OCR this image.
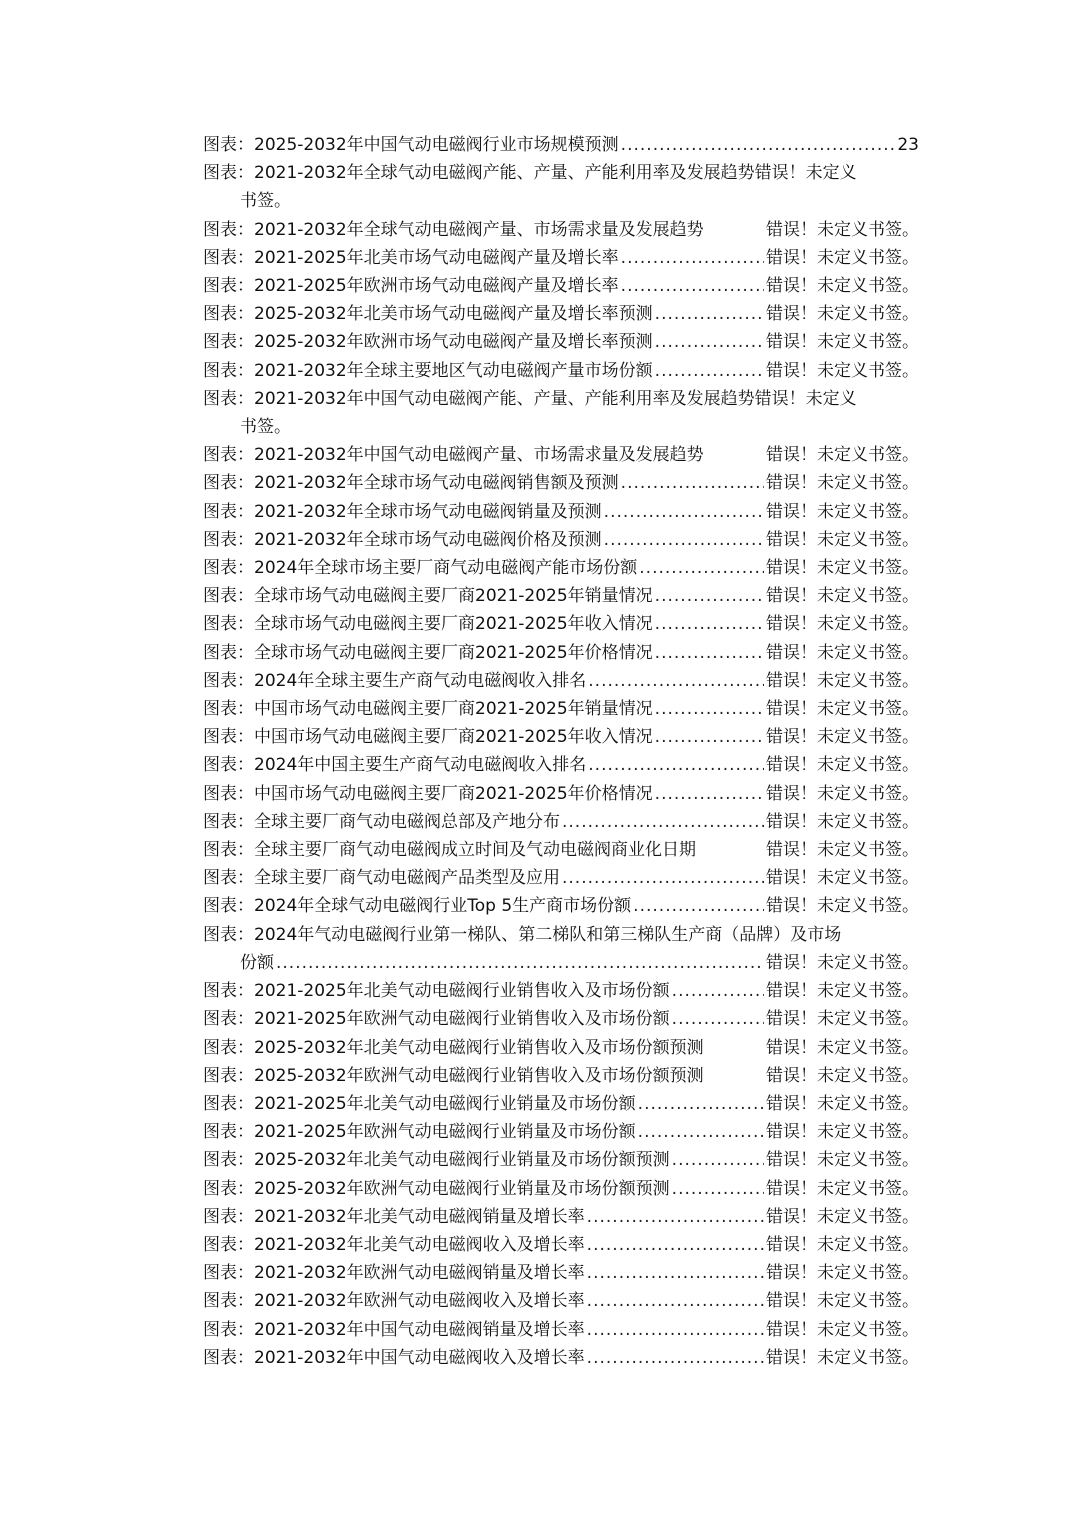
图表：2025-2032年中国气动电磁阀行业市场规模预测 .....	23
图表：2021-2032年全球气动电磁阀产能、产量、产能利用率及发展趋势错误！未定义
书签。
图表：2021-2032年全球气动电磁阀产量、市场需求量及发展趋势	错误！未定义书签。
图表：2021-2025年北美市场气动电磁阀产量及增长率 .....	错误！未定义书签。
图表：2021-2025年欧洲市场气动电磁阀产量及增长率 .....	错误！未定义书签。
图表：2025-2032年北美市场气动电磁阀产量及增长率预测 .....	错误！未定义书签。
图表：2025-2032年欧洲市场气动电磁阀产量及增长率预测 .....	错误！未定义书签。
图表：2021-2032年全球主要地区气动电磁阀产量市场份额 .....	错误！未定义书签。
图表：2021-2032年中国气动电磁阀产能、产量、产能利用率及发展趋势错误！未定义
书签。
图表：2021-2032年中国气动电磁阀产量、市场需求量及发展趋势	错误！未定义书签。
图表：2021-2032年全球市场气动电磁阀销售额及预测 .....	错误！未定义书签。
图表：2021-2032年全球市场气动电磁阀销量及预测 .....	错误！未定义书签。
图表：2021-2032年全球市场气动电磁阀价格及预测 .....	错误！未定义书签。
图表：2024年全球市场主要厂商气动电磁阀产能市场份额 .....	错误！未定义书签。
图表：全球市场气动电磁阀主要厂商2021-2025年销量情况 .....	错误！未定义书签。
图表：全球市场气动电磁阀主要厂商2021-2025年收入情况 .....	错误！未定义书签。
图表：全球市场气动电磁阀主要厂商2021-2025年价格情况 .....	错误！未定义书签。
图表：2024年全球主要生产商气动电磁阀收入排名 .....	错误！未定义书签。
图表：中国市场气动电磁阀主要厂商2021-2025年销量情况 .....	错误！未定义书签。
图表：中国市场气动电磁阀主要厂商2021-2025年收入情况 .....	错误！未定义书签。
图表：2024年中国主要生产商气动电磁阀收入排名 .....	错误！未定义书签。
图表：中国市场气动电磁阀主要厂商2021-2025年价格情况 .....	错误！未定义书签。
图表：全球主要厂商气动电磁阀总部及产地分布 .....	错误！未定义书签。
图表：全球主要厂商气动电磁阀成立时间及气动电磁阀商业化日期	错误！未定义书签。
图表：全球主要厂商气动电磁阀产品类型及应用 .....	错误！未定义书签。
图表：2024年全球气动电磁阀行业Top 5生产商市场份额 .....	错误！未定义书签。
图表：2024年气动电磁阀行业第一梯队、第二梯队和第三梯队生产商（品牌）及市场
份额 .....	错误！未定义书签。
图表：2021-2025年北美气动电磁阀行业销售收入及市场份额 .....	错误！未定义书签。
图表：2021-2025年欧洲气动电磁阀行业销售收入及市场份额 .....	错误！未定义书签。
图表：2025-2032年北美气动电磁阀行业销售收入及市场份额预测	错误！未定义书签。
图表：2025-2032年欧洲气动电磁阀行业销售收入及市场份额预测	错误！未定义书签。
图表：2021-2025年北美气动电磁阀行业销量及市场份额 .....	错误！未定义书签。
图表：2021-2025年欧洲气动电磁阀行业销量及市场份额 .....	错误！未定义书签。
图表：2025-2032年北美气动电磁阀行业销量及市场份额预测 .....	错误！未定义书签。
图表：2025-2032年欧洲气动电磁阀行业销量及市场份额预测 .....	错误！未定义书签。
图表：2021-2032年北美气动电磁阀销量及增长率 .....	错误！未定义书签。
图表：2021-2032年北美气动电磁阀收入及增长率 .....	错误！未定义书签。
图表：2021-2032年欧洲气动电磁阀销量及增长率 .....	错误！未定义书签。
图表：2021-2032年欧洲气动电磁阀收入及增长率 .....	错误！未定义书签。
图表：2021-2032年中国气动电磁阀销量及增长率 .....	错误！未定义书签。
图表：2021-2032年中国气动电磁阀收入及增长率 .....	错误！未定义书签。
